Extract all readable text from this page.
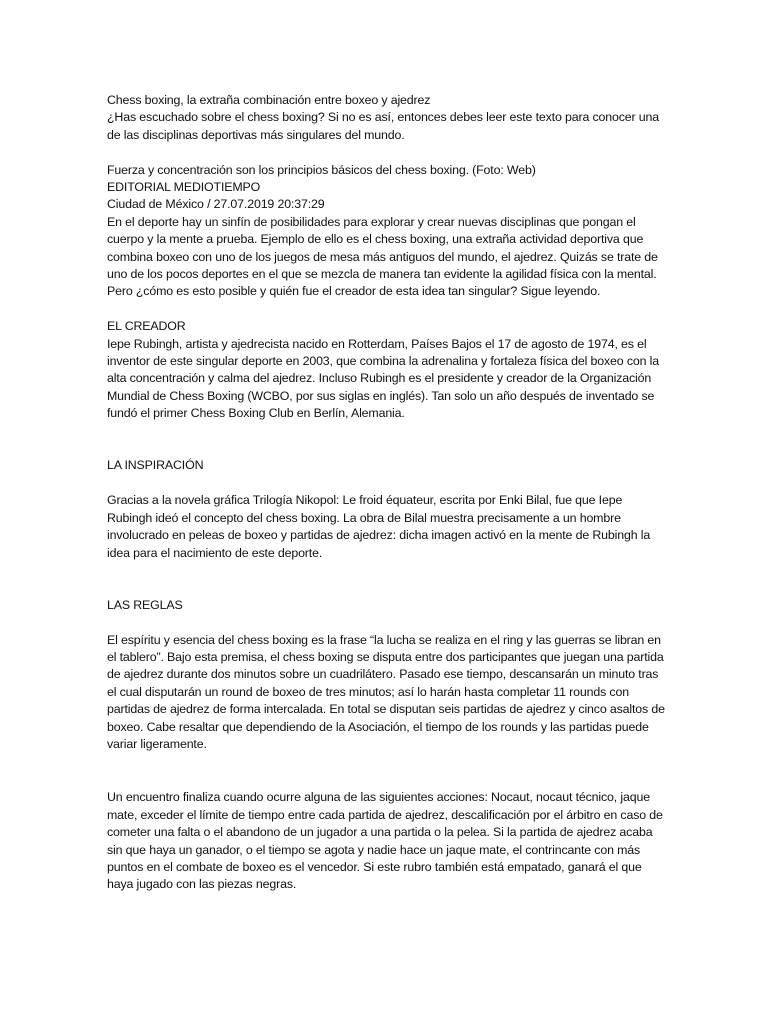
Chess boxing, la extraña combinación entre boxeo y ajedrez

¿Has escuchado sobre el chess boxing? Si no es así, entonces debes leer este texto para conocer una de las disciplinas deportivas más singulares del mundo.

Fuerza y concentración son los principios básicos del chess boxing. (Foto: Web)

EDITORIAL MEDIOTIEMPO

Ciudad de México / 27.07.2019 20:37:29

En el deporte hay un sinfín de posibilidades para explorar y crear nuevas disciplinas que pongan el cuerpo y la mente a prueba. Ejemplo de ello es el chess boxing, una extraña actividad deportiva que combina boxeo con uno de los juegos de mesa más antiguos del mundo, el ajedrez. Quizás se trate de uno de los pocos deportes en el que se mezcla de manera tan evidente la agilidad física con la mental. Pero ¿cómo es esto posible y quién fue el creador de esta idea tan singular? Sigue leyendo.

EL CREADOR

Iepe Rubingh, artista y ajedrecista nacido en Rotterdam, Países Bajos el 17 de agosto de 1974, es el inventor de este singular deporte en 2003, que combina la adrenalina y fortaleza física del boxeo con la alta concentración y calma del ajedrez. Incluso Rubingh es el presidente y creador de la Organización Mundial de Chess Boxing (WCBO, por sus siglas en inglés). Tan solo un año después de inventado se fundó el primer Chess Boxing Club en Berlín, Alemania.

LA INSPIRACIÓN

Gracias a la novela gráfica Trilogía Nikopol: Le froid équateur, escrita por Enki Bilal, fue que Iepe Rubingh ideó el concepto del chess boxing. La obra de Bilal muestra precisamente a un hombre involucrado en peleas de boxeo y partidas de ajedrez: dicha imagen activó en la mente de Rubingh la idea para el nacimiento de este deporte.

LAS REGLAS

El espíritu y esencia del chess boxing es la frase “la lucha se realiza en el ring y las guerras se libran en el tablero”. Bajo esta premisa, el chess boxing se disputa entre dos participantes que juegan una partida de ajedrez durante dos minutos sobre un cuadrilátero. Pasado ese tiempo, descansarán un minuto tras el cual disputarán un round de boxeo de tres minutos; así lo harán hasta completar 11 rounds con partidas de ajedrez de forma intercalada. En total se disputan seis partidas de ajedrez y cinco asaltos de boxeo. Cabe resaltar que dependiendo de la Asociación, el tiempo de los rounds y las partidas puede variar ligeramente.

Un encuentro finaliza cuando ocurre alguna de las siguientes acciones: Nocaut, nocaut técnico, jaque mate, exceder el límite de tiempo entre cada partida de ajedrez, descalificación por el árbitro en caso de cometer una falta o el abandono de un jugador a una partida o la pelea. Si la partida de ajedrez acaba sin que haya un ganador, o el tiempo se agota y nadie hace un jaque mate, el contrincante con más puntos en el combate de boxeo es el vencedor. Si este rubro también está empatado, ganará el que haya jugado con las piezas negras.
